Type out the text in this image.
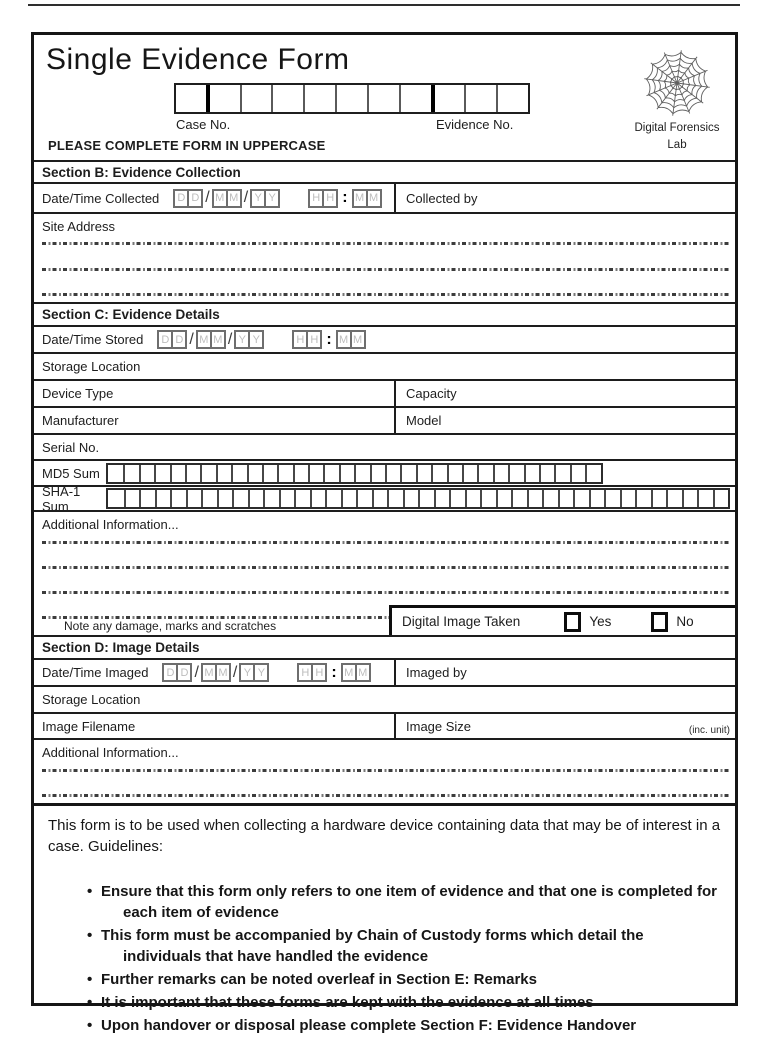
Single Evidence Form
Case No.	Evidence No.	Digital Forensics
Lab
PLEASE COMPLETE FORM IN UPPERCASE
Section B: Evidence Collection
Date/Time Collected	D D / M M / Y Y	H H : M M Collected by
Site Address
Section C: Evidence Details
Date/Time Stored	D D / M M / Y Y	H H : M M
Storage Location
Device Type	Capacity
Manufacturer	Model
Serial No.
MD5 Sum
SHA-1 Sum
Additional Information...
Note any damage, marks and scratches	Digital Image Taken	Yes	No
Section D: Image Details
Date/Time Imaged	D D / M M / Y Y	H H : M M	Imaged by
Storage Location
Image Filename	Image Size	(inc. unit)
Additional Information...
This form is to be used when collecting a hardware device containing data that may be of interest in a case. Guidelines:
• Ensure that this form only refers to one item of evidence and that one is completed for each item of evidence
• This form must be accompanied by Chain of Custody forms which detail the individuals that have handled the evidence
• Further remarks can be noted overleaf in Section E: Remarks
• It is important that these forms are kept with the evidence at all times
• Upon handover or disposal please complete Section F: Evidence Handover
